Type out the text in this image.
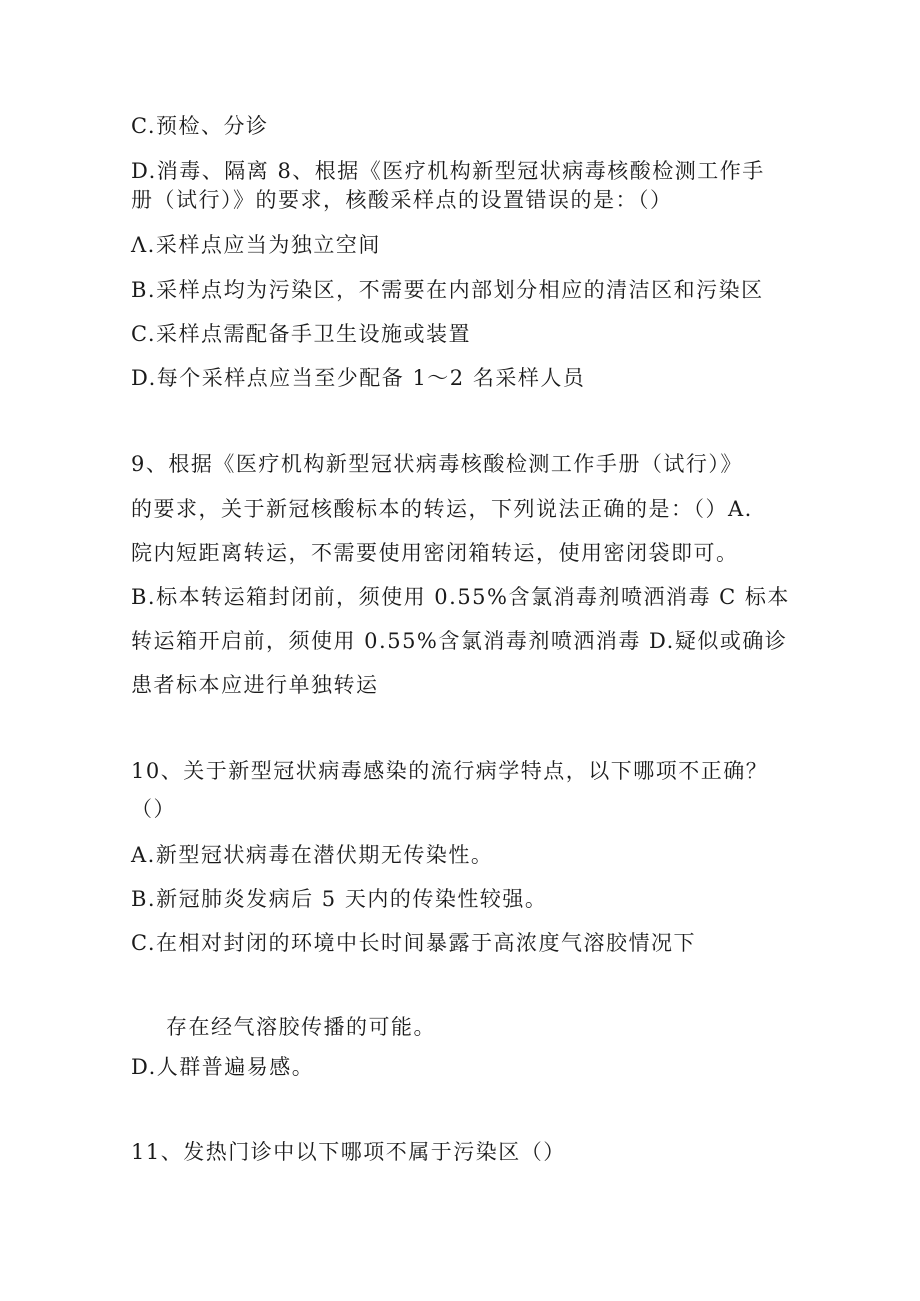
C.预检、分诊
D.消毒、隔离 8、根据《医疗机构新型冠状病毒核酸检测工作手
册（试行）》的要求，核酸采样点的设置错误的是：（）
Λ.采样点应当为独立空间
B.采样点均为污染区，不需要在内部划分相应的清洁区和污染区
C.采样点需配备手卫生设施或装置
D.每个采样点应当至少配备 1～2 名采样人员
9、根据《医疗机构新型冠状病毒核酸检测工作手册（试行）》
的要求，关于新冠核酸标本的转运，下列说法正确的是：（）A.
院内短距离转运，不需要使用密闭箱转运，使用密闭袋即可。
B.标本转运箱封闭前，须使用 0.55%含氯消毒剂喷洒消毒 C 标本
转运箱开启前，须使用 0.55%含氯消毒剂喷洒消毒 D.疑似或确诊
患者标本应进行单独转运
10、关于新型冠状病毒感染的流行病学特点，以下哪项不正确？
（）
A.新型冠状病毒在潜伏期无传染性。
B.新冠肺炎发病后 5 天内的传染性较强。
C.在相对封闭的环境中长时间暴露于高浓度气溶胶情况下
存在经气溶胶传播的可能。
D.人群普遍易感。
11、发热门诊中以下哪项不属于污染区（）
